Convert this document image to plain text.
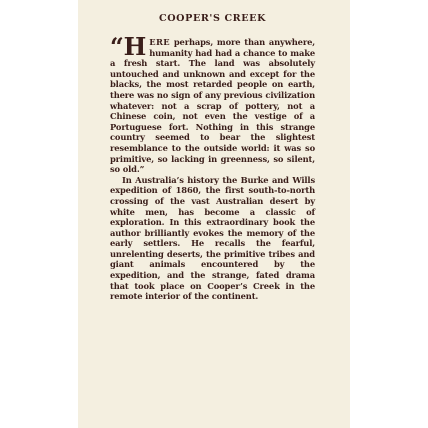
COOPER'S CREEK

“H ERE perhaps, more than anywhere, humanity had had a chance to make a fresh start. The land was absolutely untouched and unknown and except for the blacks, the most retarded people on earth, there was no sign of any previous civilization whatever: not a scrap of pottery, not a Chinese coin, not even the vestige of a Portuguese fort. Nothing in this strange country seemed to bear the slightest resemblance to the outside world: it was so primitive, so lacking in greenness, so silent, so old.”

In Australia’s history the Burke and Wills expedition of 1860, the first south-to-north crossing of the vast Australian desert by white men, has become a classic of exploration. In this extraordinary book the author brilliantly evokes the memory of the early settlers. He recalls the fearful, unrelenting deserts, the primitive tribes and giant animals encountered by the expedition, and the strange, fated drama that took place on Cooper’s Creek in the remote interior of the continent.
